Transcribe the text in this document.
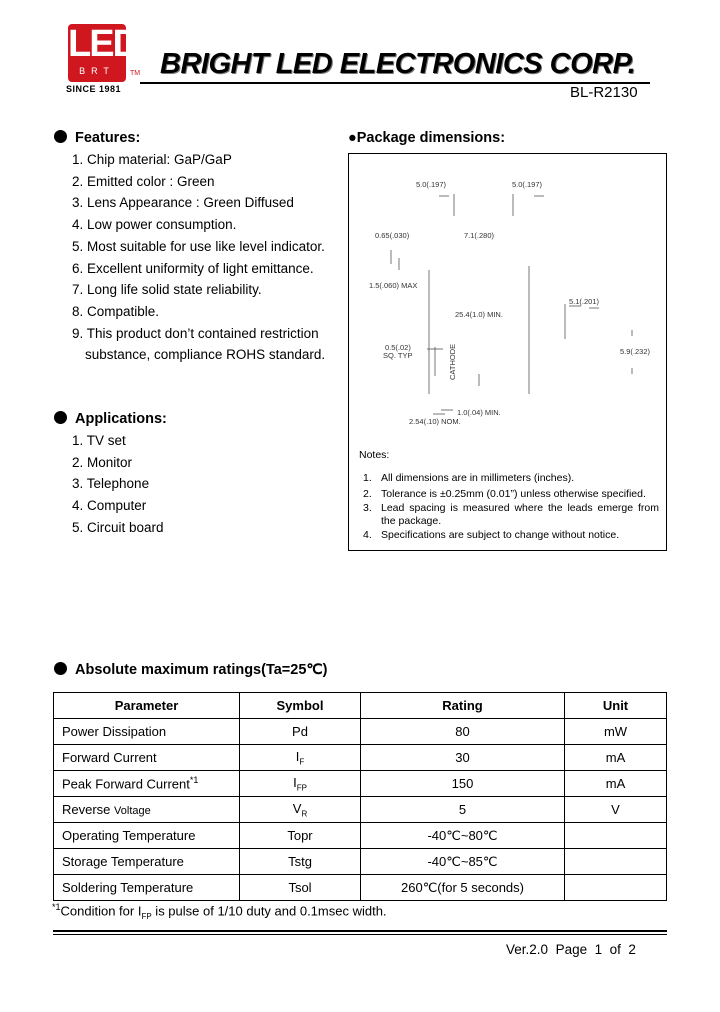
LED
BRT	TM
SINCE 1981
BRIGHT LED ELECTRONICS CORP.
BL-R2130
Features:
1. Chip material: GaP/GaP
2. Emitted color : Green
3. Lens Appearance : Green Diffused
4. Low power consumption.
5. Most suitable for use like level indicator.
6. Excellent uniformity of light emittance.
7. Long life solid state reliability.
8. Compatible.
9. This product don’t contained restriction
substance, compliance ROHS standard.
Applications:
1. TV set
2. Monitor
3. Telephone
4. Computer
5. Circuit board
●Package dimensions:
5.0(.197)	5.0(.197)
0.65(.030)	7.1(.280)
1.5(.060) MAX
5.1(.201)
25.4(1.0) MIN.
0.5(.02)
SQ. TYP	5.9(.232)
CATHODE
1.0(.04) MIN.
2.54(.10) NOM.
Notes:
1. All dimensions are in millimeters (inches).
2. Tolerance is ±0.25mm (0.01”) unless otherwise specified.
3. Lead spacing is measured where the leads emerge from the package.
4. Specifications are subject to change without notice.
Absolute maximum ratings(Ta=25℃)
Parameter	Symbol	Rating	Unit
Power Dissipation	Pd	80	mW
Forward Current	$I_F$	30	mA
Peak Forward Current$^{*1}$	$I_{FP}$	150	mA
Reverse Voltage	$V_R$	5	V
Operating Temperature	Topr	-40℃~80℃	
Storage Temperature	Tstg	-40℃~85℃	
Soldering Temperature	Tsol	260℃(for 5 seconds)	
$^{*1}$Condition for $I_{FP}$ is pulse of 1/10 duty and 0.1msec width.
Ver.2.0 Page 1 of 2
